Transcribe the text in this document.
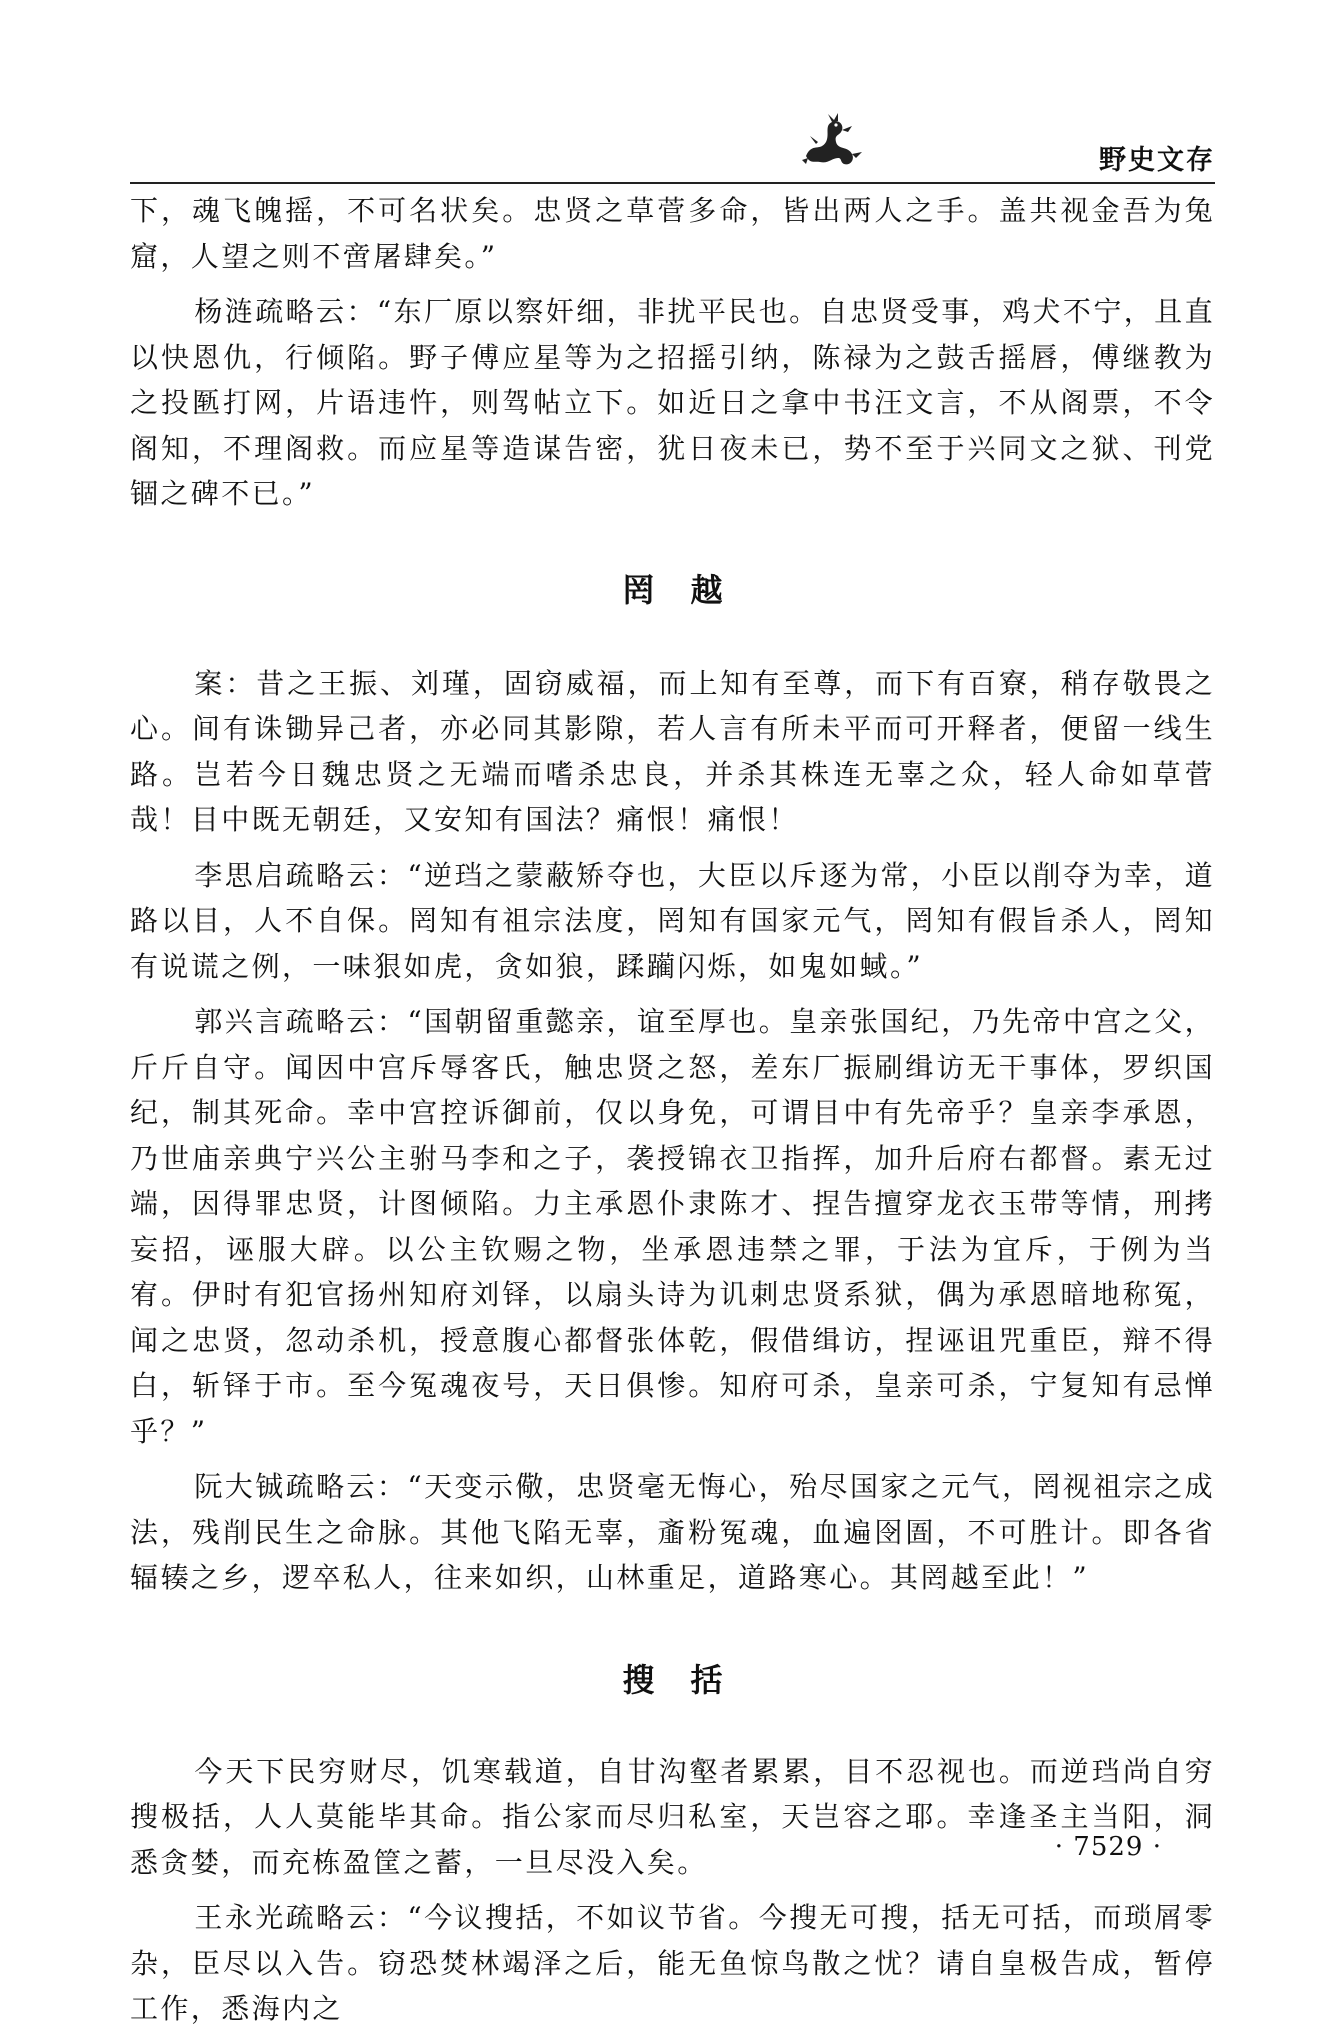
野史文存

下，魂飞魄摇，不可名状矣。忠贤之草菅多命，皆出两人之手。盖共视金吾为兔窟，人望之则不啻屠肆矣。”

杨涟疏略云：“东厂原以察奸细，非扰平民也。自忠贤受事，鸡犬不宁，且直以快恩仇，行倾陷。野子傅应星等为之招摇引纳，陈禄为之鼓舌摇唇，傅继教为之投匦打网，片语违忤，则驾帖立下。如近日之拿中书汪文言，不从阁票，不令阁知，不理阁救。而应星等造谋告密，犹日夜未已，势不至于兴同文之狱、刊党锢之碑不已。”

罔越

案：昔之王振、刘瑾，固窃威福，而上知有至尊，而下有百寮，稍存敬畏之心。间有诛锄异己者，亦必同其影隙，若人言有所未平而可开释者，便留一线生路。岂若今日魏忠贤之无端而嗜杀忠良，并杀其株连无辜之众，轻人命如草菅哉！目中既无朝廷，又安知有国法？痛恨！痛恨！

李思启疏略云：“逆珰之蒙蔽矫夺也，大臣以斥逐为常，小臣以削夺为幸，道路以目，人不自保。罔知有祖宗法度，罔知有国家元气，罔知有假旨杀人，罔知有说谎之例，一味狠如虎，贪如狼，蹂躏闪烁，如鬼如蜮。”

郭兴言疏略云：“国朝留重懿亲，谊至厚也。皇亲张国纪，乃先帝中宫之父，斤斤自守。闻因中宫斥辱客氏，触忠贤之怒，差东厂振刷缉访无干事体，罗织国纪，制其死命。幸中宫控诉御前，仅以身免，可谓目中有先帝乎？皇亲李承恩，乃世庙亲典宁兴公主驸马李和之子，袭授锦衣卫指挥，加升后府右都督。素无过端，因得罪忠贤，计图倾陷。力主承恩仆隶陈才、捏告擅穿龙衣玉带等情，刑拷妄招，诬服大辟。以公主钦赐之物，坐承恩违禁之罪，于法为宜斥，于例为当宥。伊时有犯官扬州知府刘铎，以扇头诗为讥刺忠贤系狱，偶为承恩暗地称冤，闻之忠贤，忽动杀机，授意腹心都督张体乾，假借缉访，捏诬诅咒重臣，辩不得白，斩铎于市。至今冤魂夜号，天日俱惨。知府可杀，皇亲可杀，宁复知有忌惮乎？”

阮大铖疏略云：“天变示儆，忠贤毫无悔心，殆尽国家之元气，罔视祖宗之成法，残削民生之命脉。其他飞陷无辜，齑粉冤魂，血遍囹圄，不可胜计。即各省辐辏之乡，逻卒私人，往来如织，山林重足，道路寒心。其罔越至此！”

搜括

今天下民穷财尽，饥寒载道，自甘沟壑者累累，目不忍视也。而逆珰尚自穷搜极括，人人莫能毕其命。指公家而尽归私室，天岂容之耶。幸逢圣主当阳，洞悉贪婪，而充栋盈筐之蓄，一旦尽没入矣。

王永光疏略云：“今议搜括，不如议节省。今搜无可搜，括无可括，而琐屑零杂，臣尽以入告。窃恐焚林竭泽之后，能无鱼惊鸟散之忧？请自皇极告成，暂停工作，悉海内之

· 7529 ·
